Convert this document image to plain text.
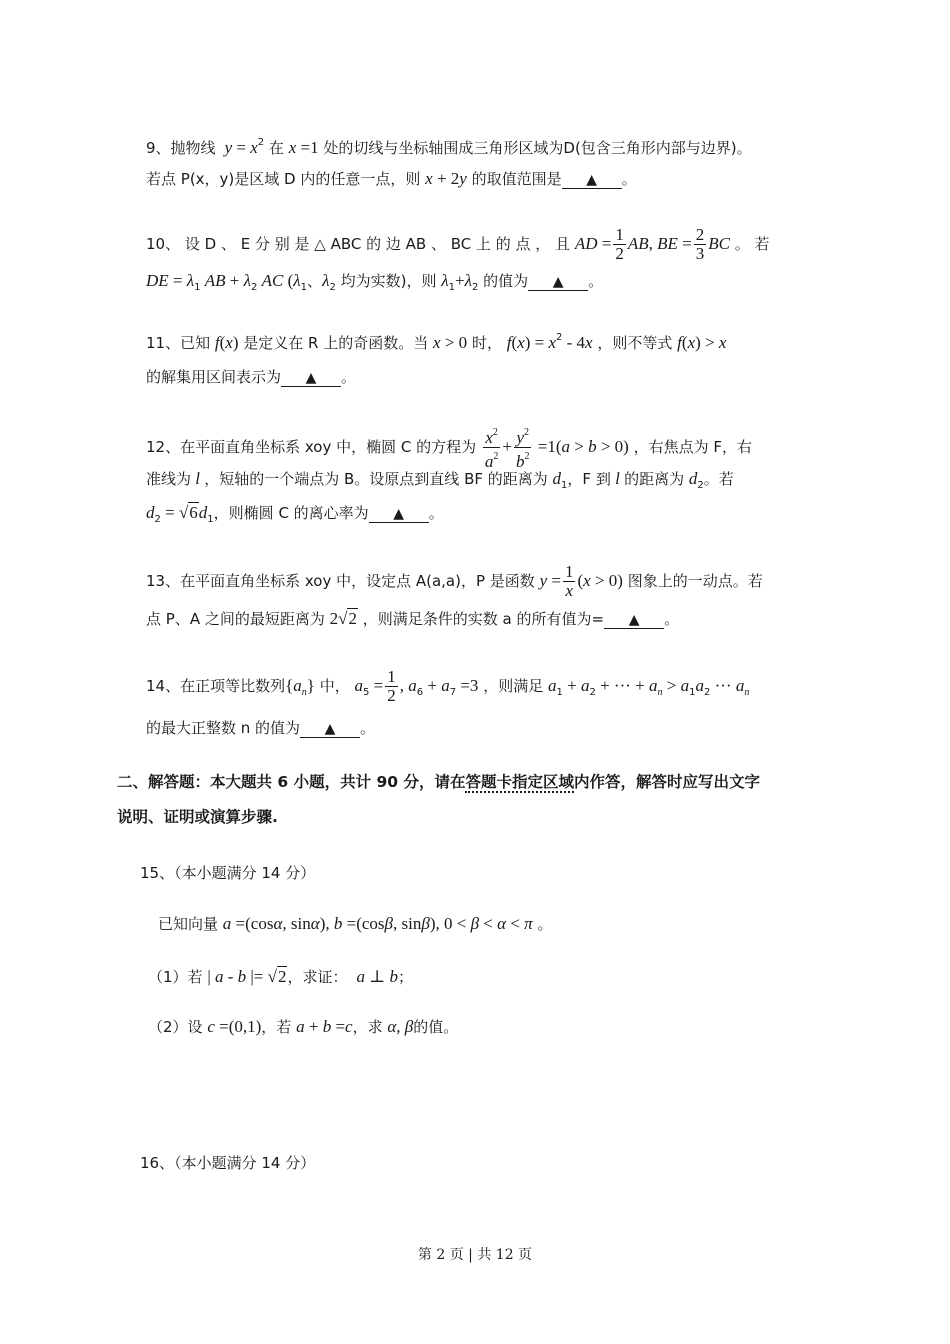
9、抛物线  $y = x^2$ 在 x =1 处的切线与坐标轴围成三角形区域为D(包含三角形内部与边界)。
若点 P(x，y)是区域 D 内的任意一点，则 x + 2y 的取值范围是 ▲ 。
10、 设 D 、 E 分 别 是 △ ABC 的 边 AB 、 BC 上 的 点 ， 且 AD = $\frac{1}{2}$ AB, BE = $\frac{2}{3}$ BC 。 若
DE = $\lambda_1$ AB + $\lambda_2$ AC ($\lambda_1$、$\lambda_2$ 均为实数)，则 $\lambda_1+\lambda_2$ 的值为 ▲ 。
11、已知 f(x) 是定义在 R 上的奇函数。当 x > 0 时， $f(x) = x^2 - 4x$ ，则不等式 f(x) > x
的解集用区间表示为 ▲ 。
12、在平面直角坐标系 xoy 中，椭圆 C 的方程为 $\frac{x^2}{a^2} + \frac{y^2}{b^2} =1(a > b > 0)$ ，右焦点为 F，右
准线为 l ，短轴的一个端点为 B。设原点到直线 BF 的距离为 $d_1$，F 到 l 的距离为 $d_2$。若
$d_2 = √6d_1$，则椭圆 C 的离心率为 ▲ 。
13、在平面直角坐标系 xoy 中，设定点 A(a,a)，P 是函数 $y = \frac{1}{x} (x > 0)$ 图象上的一动点。若
点 P、A 之间的最短距离为 2√2 ，则满足条件的实数 a 的所有值为= ▲ 。
14、在正项等比数列$\{a_n\}$ 中， $a_5 = \frac{1}{2}$ , $a_6 + a_7 =3$ ，则满足 $a_1 + a_2$ + ··· + $a_n > a_1a_2$ ··· $a_n$
的最大正整数 n 的值为 ▲ 。
二、解答题：本大题共 6 小题，共计 90 分，请在答题卡指定区域内作答，解答时应写出文字
说明、证明或演算步骤.
15、（本小题满分 14 分）
已知向量 a =(cosα, sinα), b =(cosβ, sinβ), 0 < β < α < π 。
（1）若 | a - b |= √2，求证：  a ⊥ b；
（2）设 c =(0,1)，若 a + b =c，求 α, β的值。
16、（本小题满分 14 分）
第 2 页 | 共 12 页
